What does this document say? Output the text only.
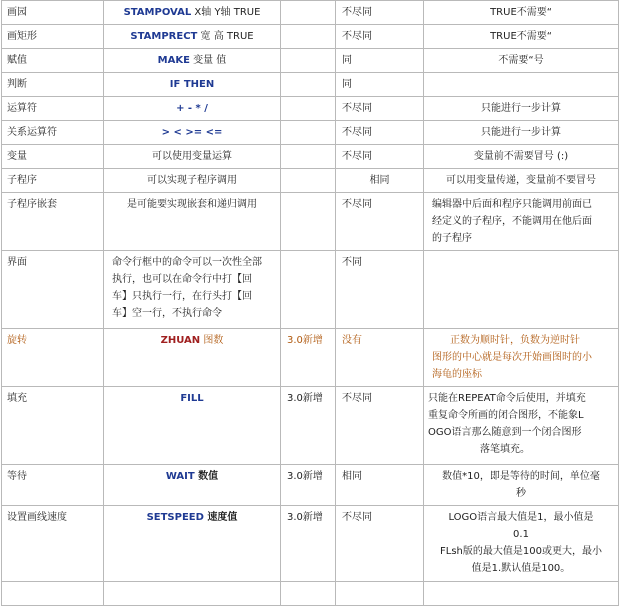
画园	STAMPOVAL X轴 Y轴 TRUE		不尽同	TRUE不需要“
画矩形	STAMPRECT 宽 高 TRUE		不尽同	TRUE不需要“
赋值	MAKE 变量 值		同	不需要“号
判断	IF THEN		同	
运算符	+ - * /		不尽同	只能进行一步计算
关系运算符	> < >= <=		不尽同	只能进行一步计算
变量	可以使用变量运算		不尽同	变量前不需要冒号 (:)
子程序	可以实现子程序调用		相同	可以用变量传递，变量前不要冒号
子程序嵌套	是可能要实现嵌套和递归调用		不尽同	编辑器中后面和程序只能调用前面已
经定义的子程序，不能调用在他后面
的子程序

界面	命令行框中的命令可以一次性全部
执行，也可以在命令行中打【回
车】只执行一行，在行头打【回
车】空一行，不执行命令		不同	
旋转	ZHUAN 图数	3.0新增	没有	正数为顺时针，负数为逆时针
图形的中心就是每次开始画图时的小
海龟的座标

填充	FILL	3.0新增	不尽同	只能在REPEAT命令后使用，并填充
重复命令所画的闭合图形，不能象L
OGO语言那么随意到一个闭合图形
落笔填充。

等待	WAIT 数值	3.0新增	相同	数值*10，即是等待的时间，单位毫
秒

设置画线速度	SETSPEED 速度值	3.0新增	不尽同	LOGO语言最大值是1，最小值是
0.1
FLsh版的最大值是100或更大，最小
值是1.默认值是100。
